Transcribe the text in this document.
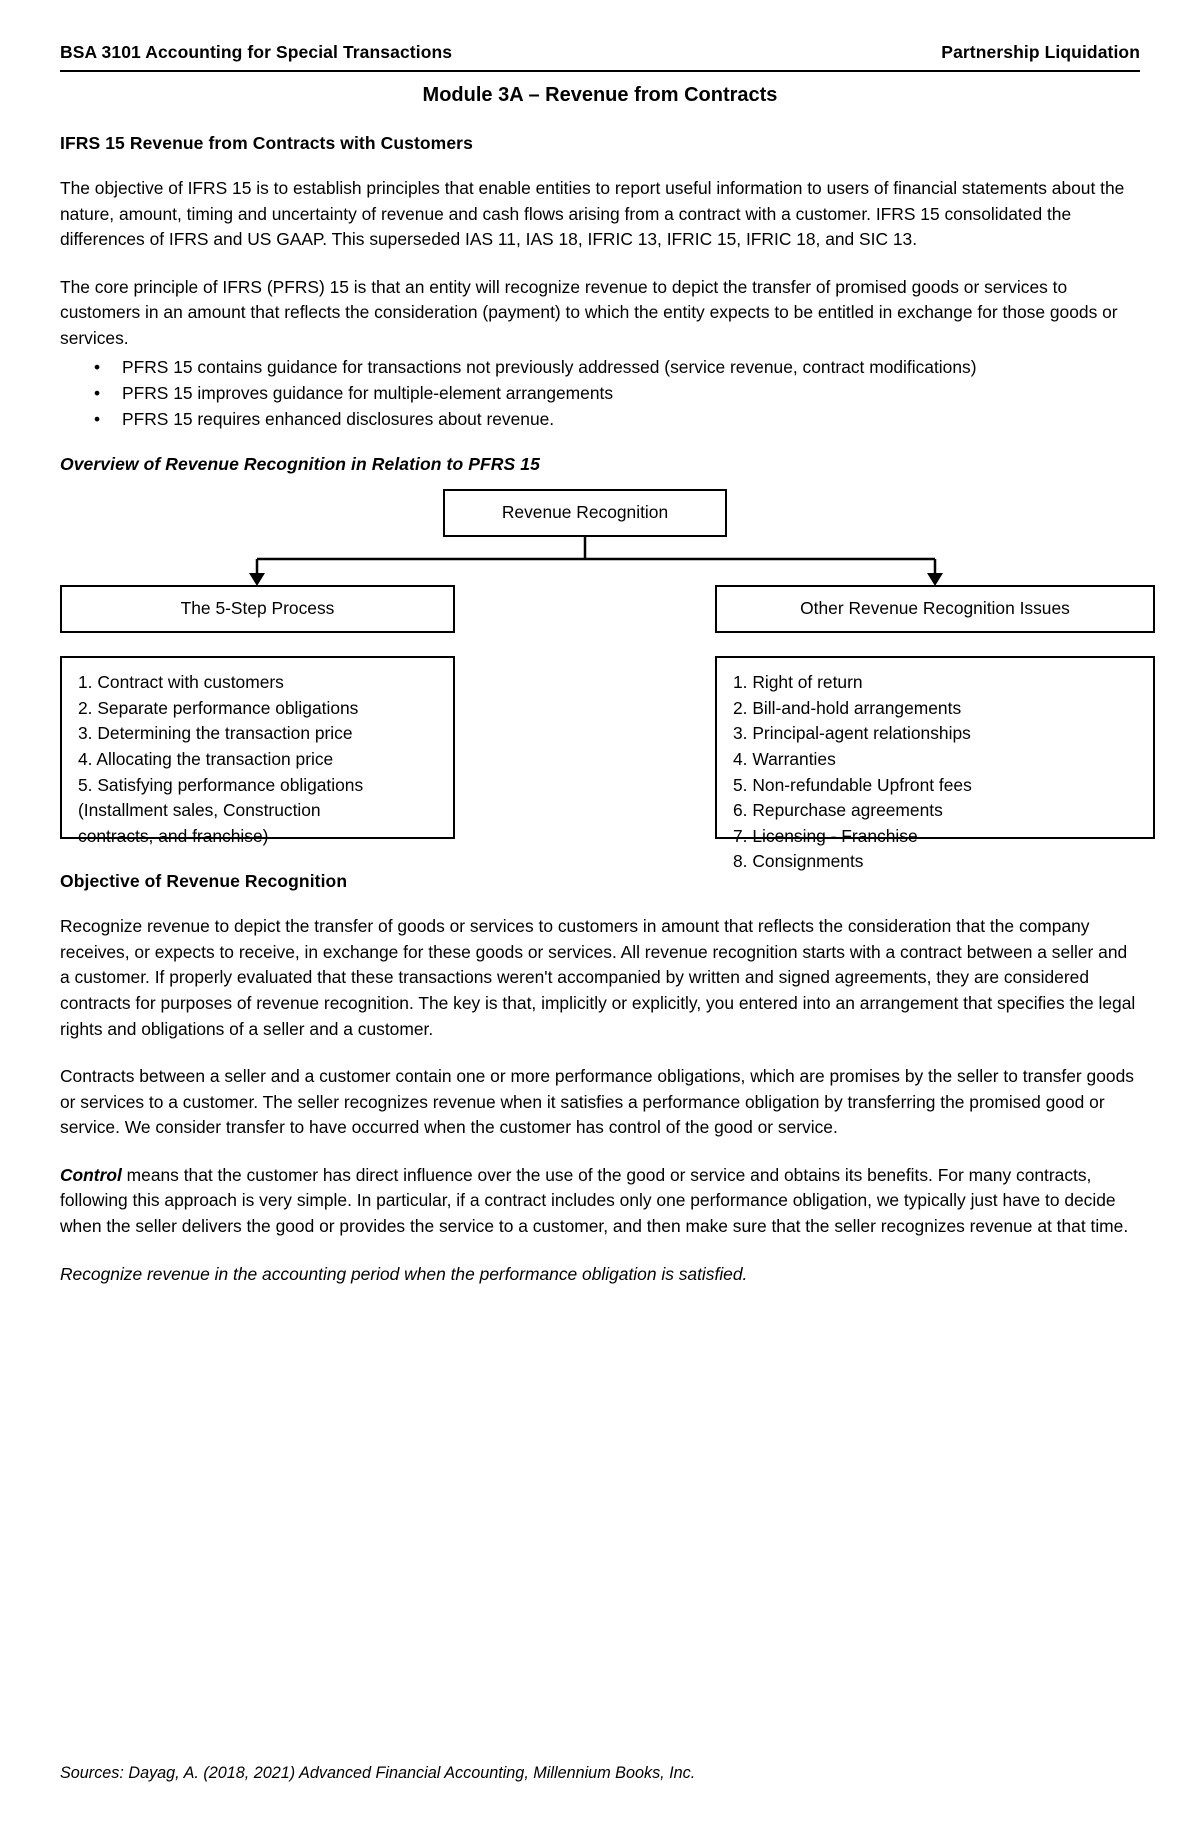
BSA 3101 Accounting for Special Transactions	Partnership Liquidation
Module 3A – Revenue from Contracts
IFRS 15 Revenue from Contracts with Customers

The objective of IFRS 15 is to establish principles that enable entities to report useful information to users of financial statements about the nature, amount, timing and uncertainty of revenue and cash flows arising from a contract with a customer. IFRS 15 consolidated the differences of IFRS and US GAAP. This superseded IAS 11, IAS 18, IFRIC 13, IFRIC 15, IFRIC 18, and SIC 13.

The core principle of IFRS (PFRS) 15 is that an entity will recognize revenue to depict the transfer of promised goods or services to customers in an amount that reflects the consideration (payment) to which the entity expects to be entitled in exchange for those goods or services.

• PFRS 15 contains guidance for transactions not previously addressed (service revenue, contract modifications)
• PFRS 15 improves guidance for multiple-element arrangements
• PFRS 15 requires enhanced disclosures about revenue.
Overview of Revenue Recognition in Relation to PFRS 15
Revenue Recognition
The 5-Step Process	Other Revenue Recognition Issues
1. Contract with customers
2. Separate performance obligations
3. Determining the transaction price
4. Allocating the transaction price
5. Satisfying performance obligations
(Installment sales, Construction
contracts, and franchise)
1. Right of return
2. Bill-and-hold arrangements
3. Principal-agent relationships
4. Warranties
5. Non-refundable Upfront fees
6. Repurchase agreements
7. Licensing - Franchise
8. Consignments
Objective of Revenue Recognition

Recognize revenue to depict the transfer of goods or services to customers in amount that reflects the consideration that the company receives, or expects to receive, in exchange for these goods or services. All revenue recognition starts with a contract between a seller and a customer. If properly evaluated that these transactions weren't accompanied by written and signed agreements, they are considered contracts for purposes of revenue recognition. The key is that, implicitly or explicitly, you entered into an arrangement that specifies the legal rights and obligations of a seller and a customer.

Contracts between a seller and a customer contain one or more performance obligations, which are promises by the seller to transfer goods or services to a customer. The seller recognizes revenue when it satisfies a performance obligation by transferring the promised good or service. We consider transfer to have occurred when the customer has control of the good or service.

Control means that the customer has direct influence over the use of the good or service and obtains its benefits. For many contracts, following this approach is very simple. In particular, if a contract includes only one performance obligation, we typically just have to decide when the seller delivers the good or provides the service to a customer, and then make sure that the seller recognizes revenue at that time.

Recognize revenue in the accounting period when the performance obligation is satisfied.

Sources: Dayag, A. (2018, 2021) Advanced Financial Accounting, Millennium Books, Inc.
